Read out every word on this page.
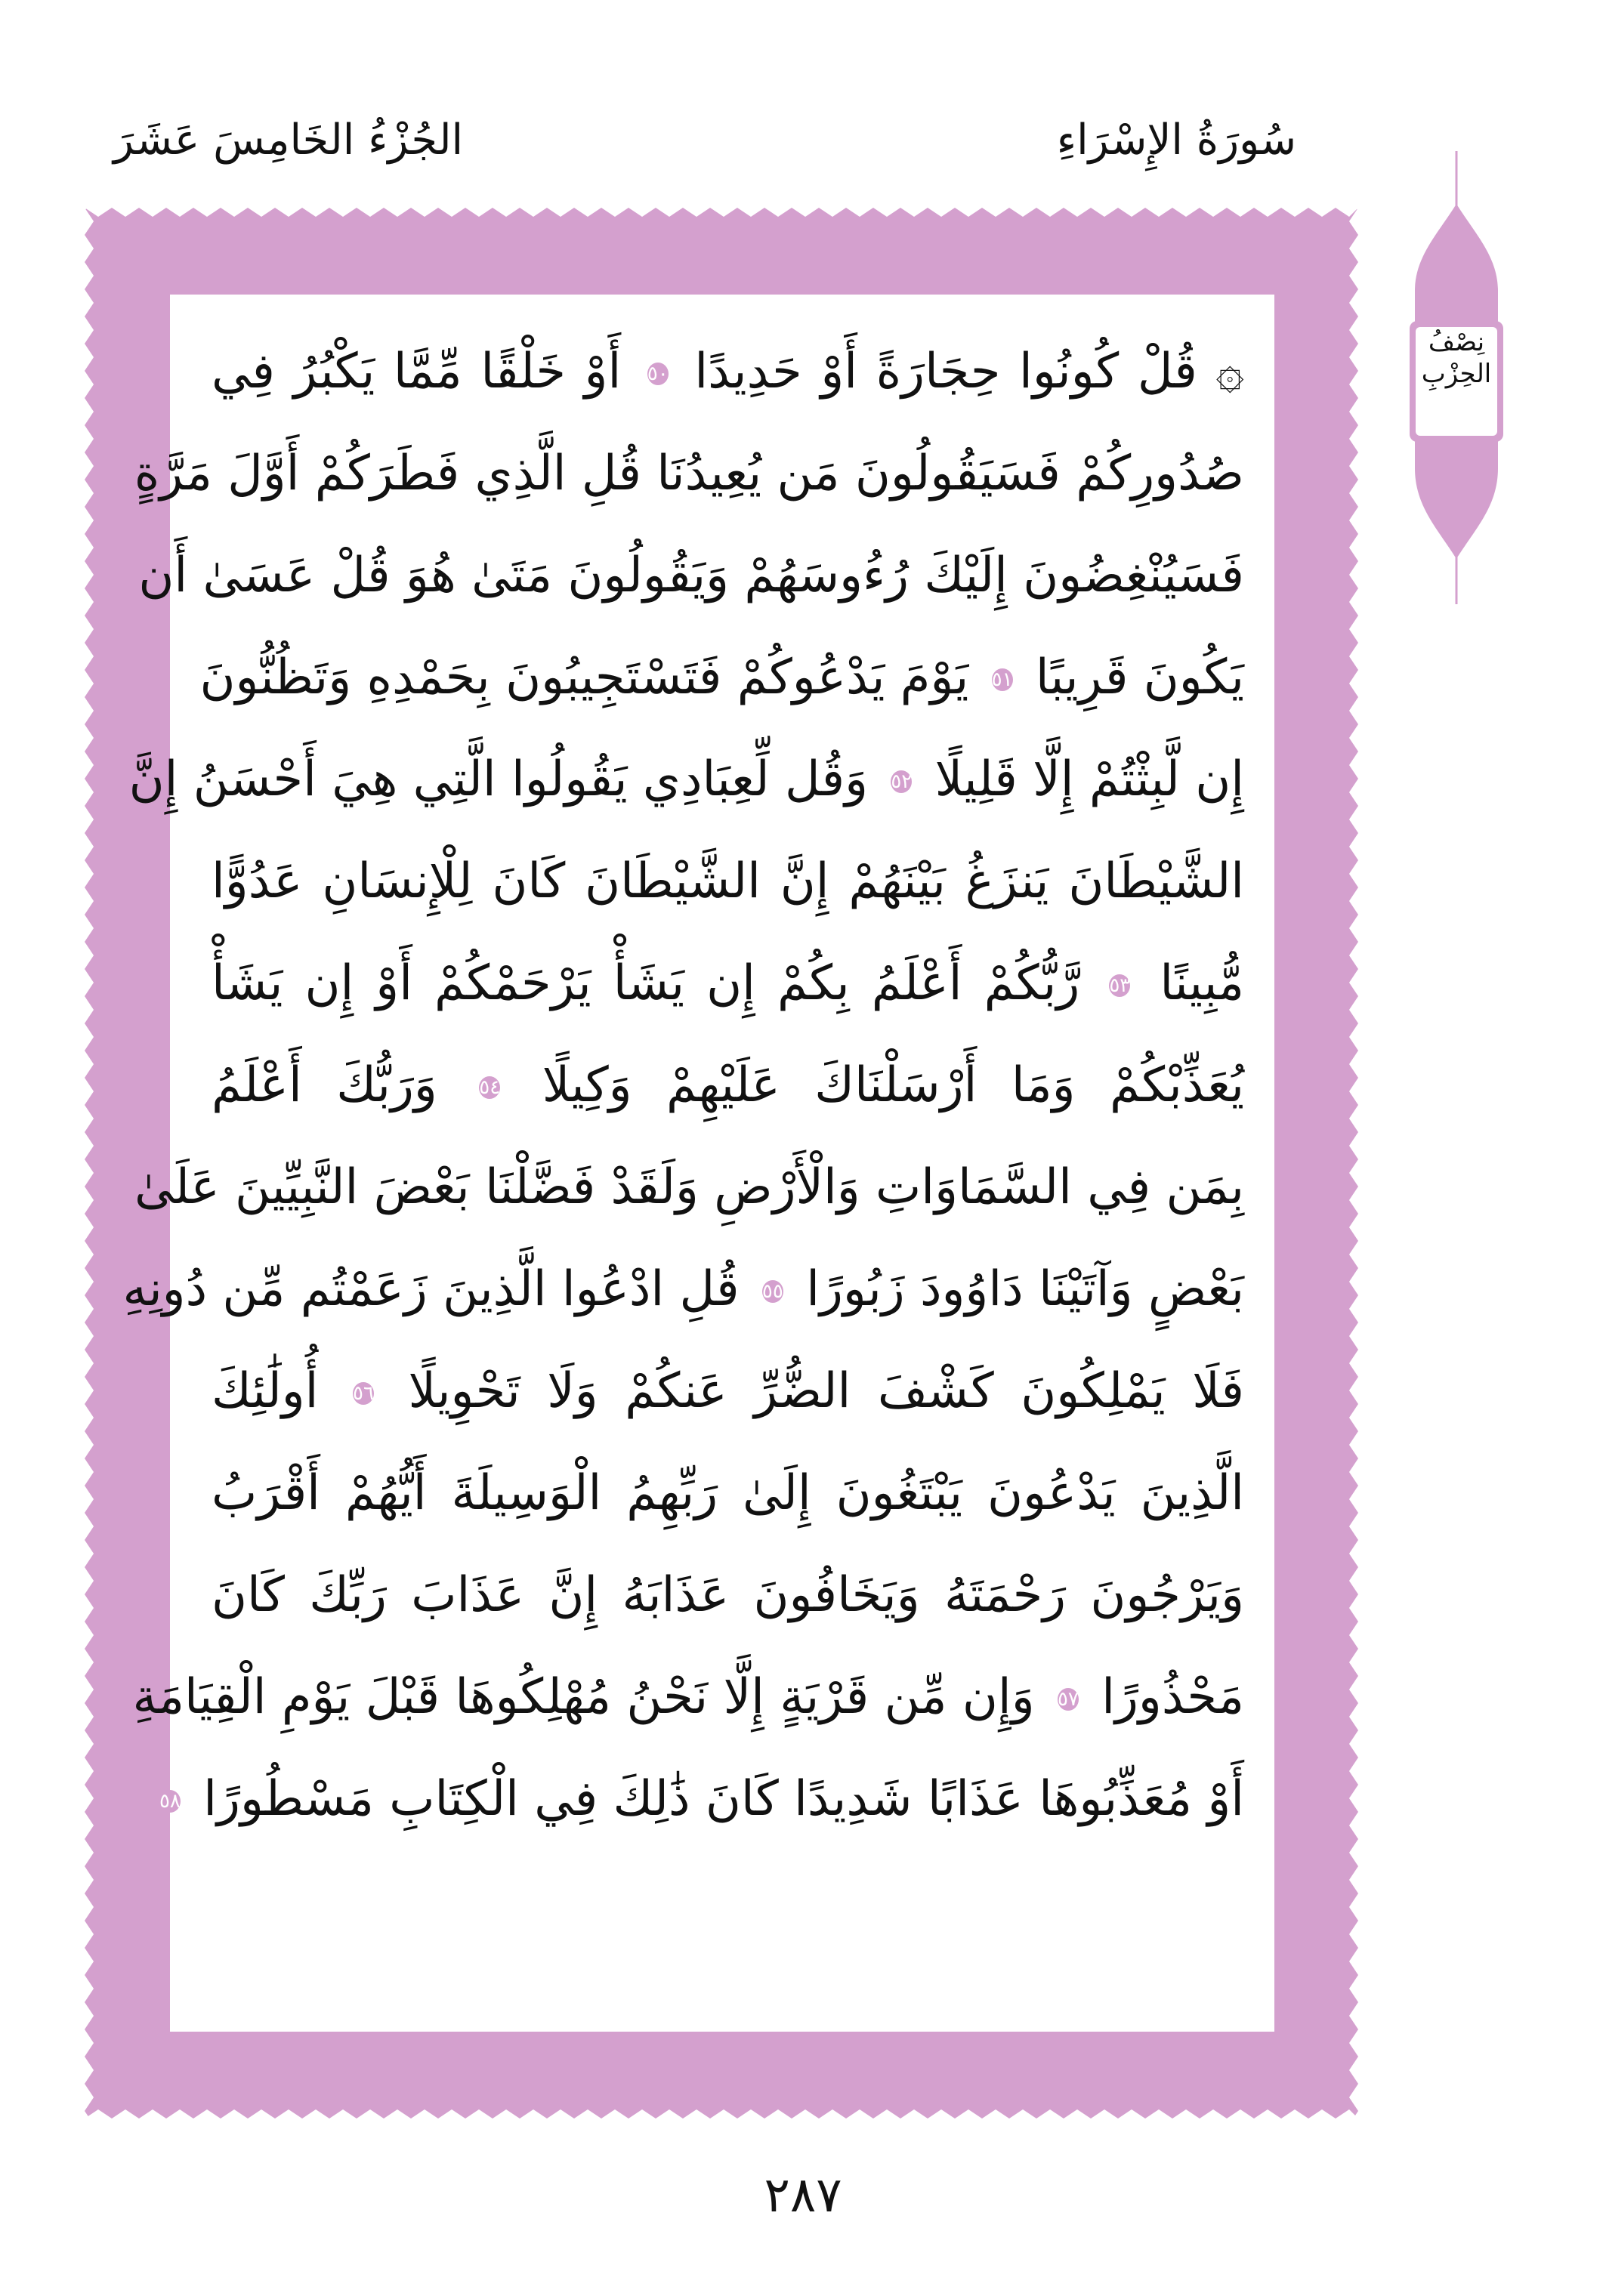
سُورَةُ الإِسْرَاءِ
الجُزْءُ الخَامِسَ عَشَرَ
۞ قُلْ كُونُوا حِجَارَةً أَوْ حَدِيدًا ٥٠ أَوْ خَلْقًا مِّمَّا يَكْبُرُ فِي
صُدُورِكُمْ فَسَيَقُولُونَ مَن يُعِيدُنَا قُلِ الَّذِي فَطَرَكُمْ أَوَّلَ مَرَّةٍ
فَسَيُنْغِضُونَ إِلَيْكَ رُءُوسَهُمْ وَيَقُولُونَ مَتَىٰ هُوَ قُلْ عَسَىٰ أَن
يَكُونَ قَرِيبًا ٥١ يَوْمَ يَدْعُوكُمْ فَتَسْتَجِيبُونَ بِحَمْدِهِ وَتَظُنُّونَ
إِن لَّبِثْتُمْ إِلَّا قَلِيلًا ٥٢ وَقُل لِّعِبَادِي يَقُولُوا الَّتِي هِيَ أَحْسَنُ إِنَّ
الشَّيْطَانَ يَنزَغُ بَيْنَهُمْ إِنَّ الشَّيْطَانَ كَانَ لِلْإِنسَانِ عَدُوًّا
مُّبِينًا ٥٣ رَّبُّكُمْ أَعْلَمُ بِكُمْ إِن يَشَأْ يَرْحَمْكُمْ أَوْ إِن يَشَأْ
يُعَذِّبْكُمْ وَمَا أَرْسَلْنَاكَ عَلَيْهِمْ وَكِيلًا ٥٤ وَرَبُّكَ أَعْلَمُ
بِمَن فِي السَّمَاوَاتِ وَالْأَرْضِ وَلَقَدْ فَضَّلْنَا بَعْضَ النَّبِيِّينَ عَلَىٰ
بَعْضٍ وَآتَيْنَا دَاوُودَ زَبُورًا ٥٥ قُلِ ادْعُوا الَّذِينَ زَعَمْتُم مِّن دُونِهِ
فَلَا يَمْلِكُونَ كَشْفَ الضُّرِّ عَنكُمْ وَلَا تَحْوِيلًا ٥٦ أُولَٰئِكَ
الَّذِينَ يَدْعُونَ يَبْتَغُونَ إِلَىٰ رَبِّهِمُ الْوَسِيلَةَ أَيُّهُمْ أَقْرَبُ
وَيَرْجُونَ رَحْمَتَهُ وَيَخَافُونَ عَذَابَهُ إِنَّ عَذَابَ رَبِّكَ كَانَ
مَحْذُورًا ٥٧ وَإِن مِّن قَرْيَةٍ إِلَّا نَحْنُ مُهْلِكُوهَا قَبْلَ يَوْمِ الْقِيَامَةِ
أَوْ مُعَذِّبُوهَا عَذَابًا شَدِيدًا كَانَ ذَٰلِكَ فِي الْكِتَابِ مَسْطُورًا ٥٨
نِصْفُ
الحِزْبِ
٢٨٧
